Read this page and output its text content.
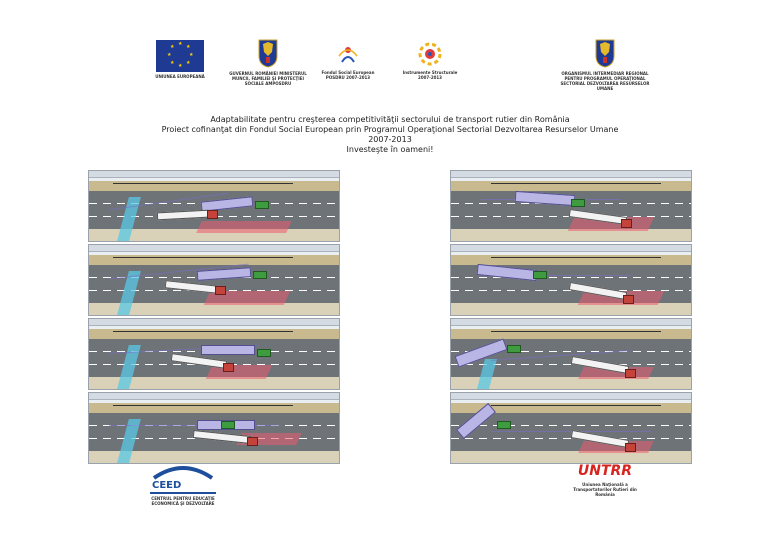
★ ★
★
★
★
★
★
★
UNIUNEA EUROPEANĂ
GUVERNUL ROMÂNIEI MINISTERUL MUNCII, FAMILIEI ŞI PROTECŢIEI SOCIALE AMPOSDRU
Fondul Social European POSDRU 2007-2013
Instrumente Structurale 2007-2013
ORGANISMUL INTERMEDIAR REGIONAL PENTRU PROGRAMUL OPERAŢIONAL SECTORIAL DEZVOLTAREA RESURSELOR UMANE
Adaptabilitate pentru creşterea competitivităţii sectorului de transport rutier din România
Proiect cofinanţat din Fondul Social European prin Programul Operaţional Sectorial Dezvoltarea Resurselor Umane
2007-2013
Investeşte în oameni!
CEED
CENTRUL PENTRU EDUCAŢIE ECONOMICĂ ŞI DEZVOLTARE
UNTRR
Uniunea Naţională a Transportatorilor Rutieri din România
